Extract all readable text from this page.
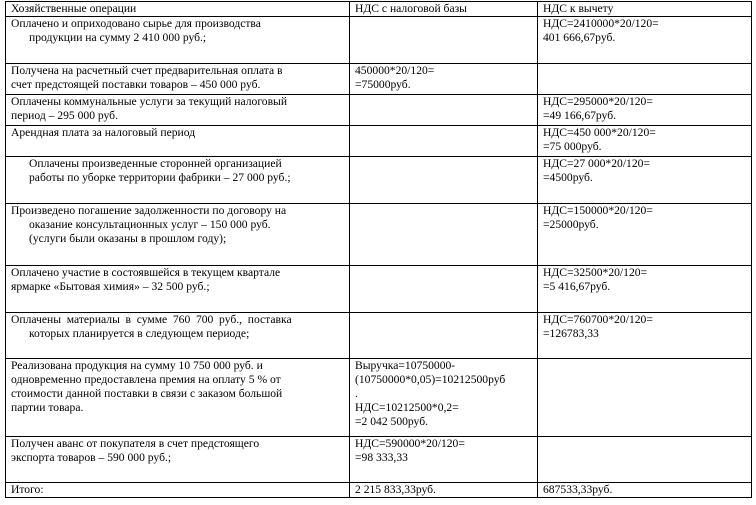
Хозяйственные операции	НДС с налоговой базы	НДС к вычету

Оплачено и оприходовано сырье для производства
продукции на сумму 2 410 000 руб.;		НДС=2410000*20/120=
401 666,67руб.

Получена на расчетный счет предварительная оплата в
счет предстоящей поставки товаров – 450 000 руб.	450000*20/120=
=75000руб.	

Оплачены коммунальные услуги за текущий налоговый
период – 295 000 руб.		НДС=295000*20/120=
=49 166,67руб.

Арендная плата за налоговый период		НДС=450 000*20/120=
=75 000руб.

Оплачены произведенные сторонней организацией
работы по уборке территории фабрики – 27 000 руб.;		НДС=27 000*20/120=
=4500руб.

Произведено погашение задолженности по договору на
оказание консультационных услуг – 150 000 руб.
(услуги были оказаны в прошлом году);		НДС=150000*20/120=
=25000руб.

Оплачено участие в состоявшейся в текущем квартале
ярмарке «Бытовая химия» – 32 500 руб.;		НДС=32500*20/120=
=5 416,67руб.

Оплачены материалы в сумме 760 700 руб., поставка
которых планируется в следующем периоде;		НДС=760700*20/120=
=126783,33

Реализована продукция на сумму 10 750 000 руб. и
одновременно предоставлена премия на оплату 5 % от
стоимости данной поставки в связи с заказом большой
партии товара.	Выручка=10750000-
(10750000*0,05)=10212500руб
.
НДС=10212500*0,2=
=2 042 500руб.	

Получен аванс от покупателя в счет предстоящего
экспорта товаров – 590 000 руб.;	НДС=590000*20/120=
=98 333,33	

Итого:	2 215 833,33руб.	687533,33руб.
